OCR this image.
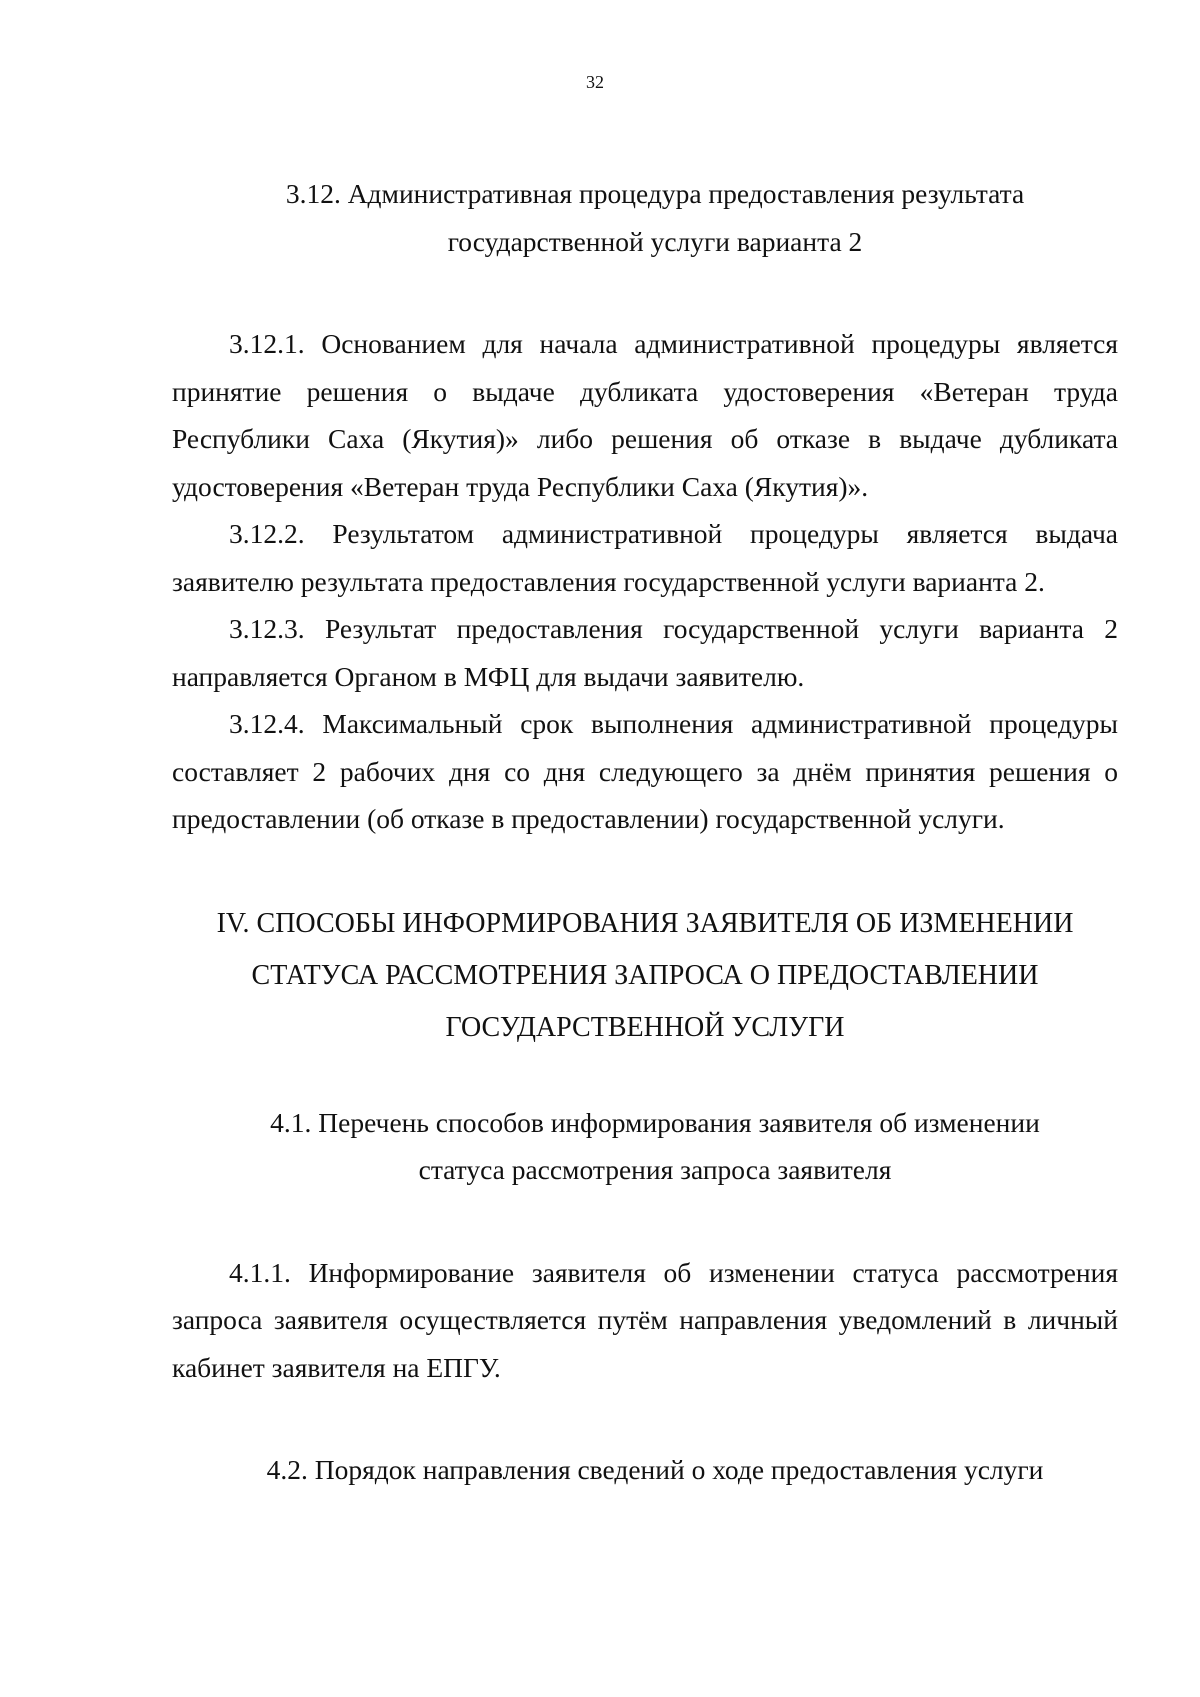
32
3.12. Административная процедура предоставления результата
государственной услуги варианта 2

3.12.1. Основанием для начала административной процедуры является принятие решения о выдаче дубликата удостоверения «Ветеран труда Республики Саха (Якутия)» либо решения об отказе в выдаче дубликата удостоверения «Ветеран труда Республики Саха (Якутия)».

3.12.2. Результатом административной процедуры является выдача заявителю результата предоставления государственной услуги варианта 2.

3.12.3. Результат предоставления государственной услуги варианта 2 направляется Органом в МФЦ для выдачи заявителю.

3.12.4. Максимальный срок выполнения административной процедуры составляет 2 рабочих дня со дня следующего за днём принятия решения о предоставлении (об отказе в предоставлении) государственной услуги.

IV. СПОСОБЫ ИНФОРМИРОВАНИЯ ЗАЯВИТЕЛЯ ОБ ИЗМЕНЕНИИ
СТАТУСА РАССМОТРЕНИЯ ЗАПРОСА О ПРЕДОСТАВЛЕНИИ
ГОСУДАРСТВЕННОЙ УСЛУГИ
4.1. Перечень способов информирования заявителя об изменении
статуса рассмотрения запроса заявителя

4.1.1. Информирование заявителя об изменении статуса рассмотрения запроса заявителя осуществляется путём направления уведомлений в личный кабинет заявителя на ЕПГУ.

4.2. Порядок направления сведений о ходе предоставления услуги
